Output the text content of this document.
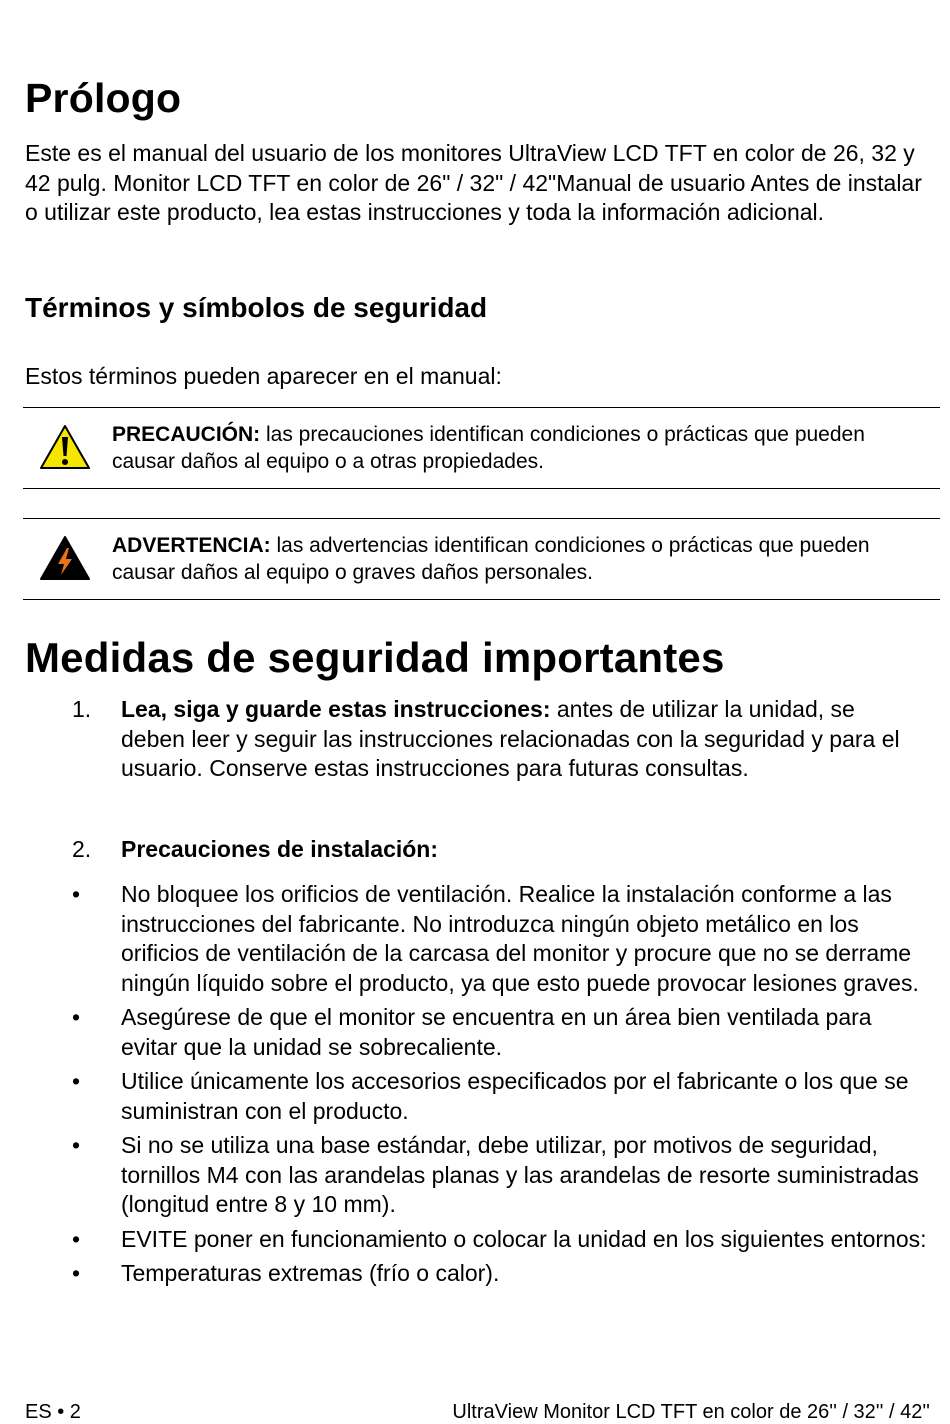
Prólogo

Este es el manual del usuario de los monitores UltraView LCD TFT en color de 26, 32 y 42 pulg. Monitor LCD TFT en color de 26" / 32" / 42"Manual de usuario Antes de instalar o utilizar este producto, lea estas instrucciones y toda la información adicional.

Términos y símbolos de seguridad

Estos términos pueden aparecer en el manual:

PRECAUCIÓN: las precauciones identifican condiciones o prácticas que pueden causar daños al equipo o a otras propiedades.

ADVERTENCIA: las advertencias identifican condiciones o prácticas que pueden causar daños al equipo o graves daños personales.

Medidas de seguridad importantes
1. Lea, siga y guarde estas instrucciones: antes de utilizar la unidad, se deben leer y seguir las instrucciones relacionadas con la seguridad y para el usuario. Conserve estas instrucciones para futuras consultas.

2. Precauciones de instalación:

•	No bloquee los orificios de ventilación. Realice la instalación conforme a las instrucciones del fabricante. No introduzca ningún objeto metálico en los orificios de ventilación de la carcasa del monitor y procure que no se derrame ningún líquido sobre el producto, ya que esto puede provocar lesiones graves.
•	Asegúrese de que el monitor se encuentra en un área bien ventilada para evitar que la unidad se sobrecaliente.
•	Utilice únicamente los accesorios especificados por el fabricante o los que se suministran con el producto.
•	Si no se utiliza una base estándar, debe utilizar, por motivos de seguridad, tornillos M4 con las arandelas planas y las arandelas de resorte suministradas (longitud entre 8 y 10 mm).
•	EVITE poner en funcionamiento o colocar la unidad en los siguientes entornos:
•	Temperaturas extremas (frío o calor).
ES • 2	UltraView Monitor LCD TFT en color de 26'' / 32'' / 42''
